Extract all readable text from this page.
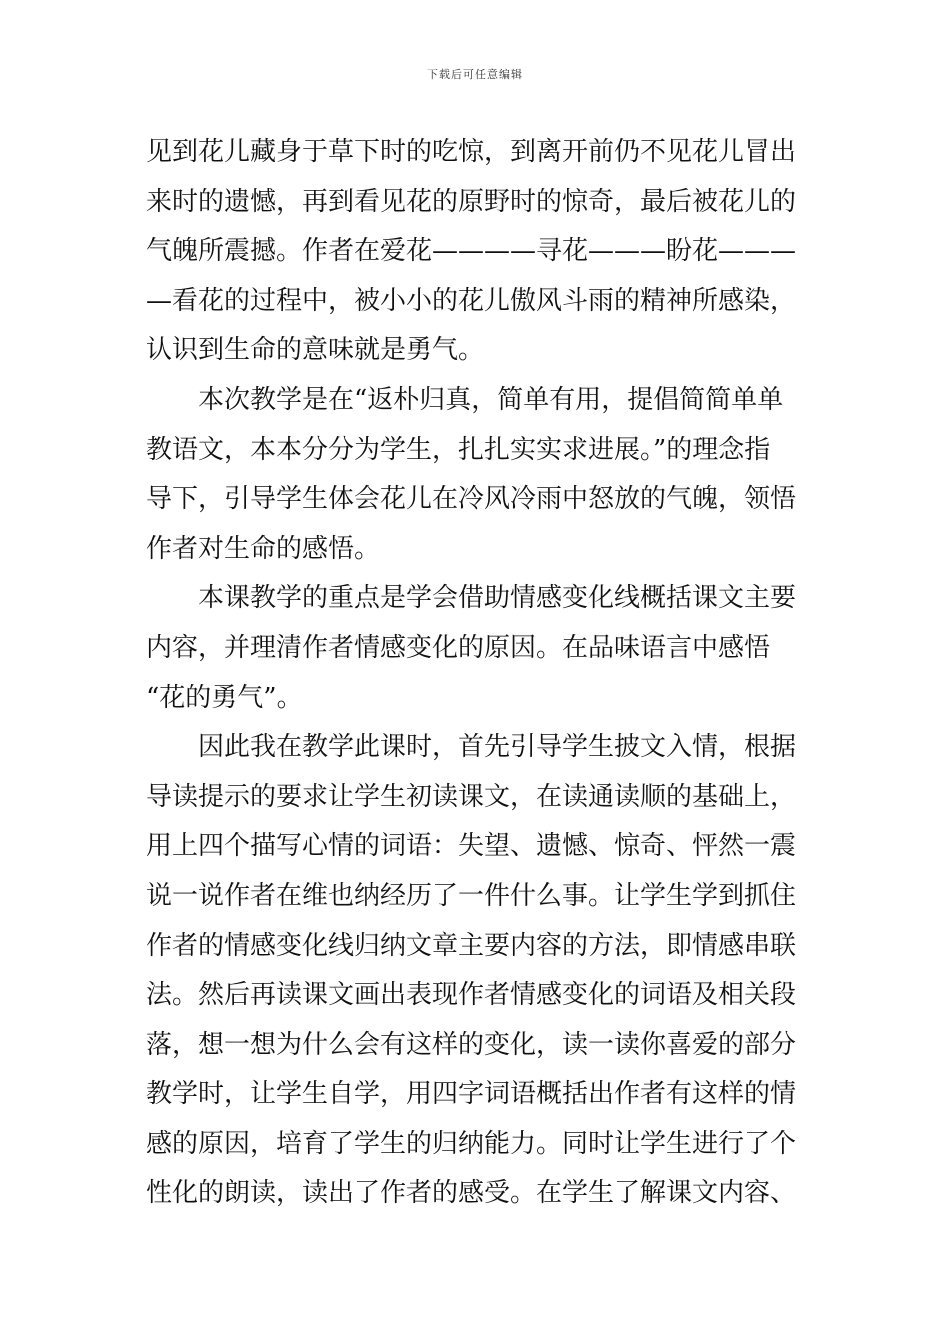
下载后可任意编辑
见到花儿藏身于草下时的吃惊，到离开前仍不见花儿冒出
来时的遗憾，再到看见花的原野时的惊奇，最后被花儿的
气魄所震撼。作者在爱花————寻花———盼花———
—看花的过程中，被小小的花儿傲风斗雨的精神所感染，
认识到生命的意味就是勇气。
本次教学是在“返朴归真，简单有用，提倡简简单单
教语文，本本分分为学生，扎扎实实求进展。”的理念指
导下，引导学生体会花儿在冷风冷雨中怒放的气魄，领悟
作者对生命的感悟。
本课教学的重点是学会借助情感变化线概括课文主要
内容，并理清作者情感变化的原因。在品味语言中感悟
“花的勇气”。
因此我在教学此课时，首先引导学生披文入情，根据
导读提示的要求让学生初读课文，在读通读顺的基础上，
用上四个描写心情的词语：失望、遗憾、惊奇、怦然一震
说一说作者在维也纳经历了一件什么事。让学生学到抓住
作者的情感变化线归纳文章主要内容的方法，即情感串联
法。然后再读课文画出表现作者情感变化的词语及相关段
落，想一想为什么会有这样的变化，读一读你喜爱的部分
教学时，让学生自学，用四字词语概括出作者有这样的情
感的原因，培育了学生的归纳能力。同时让学生进行了个
性化的朗读，读出了作者的感受。在学生了解课文内容、
